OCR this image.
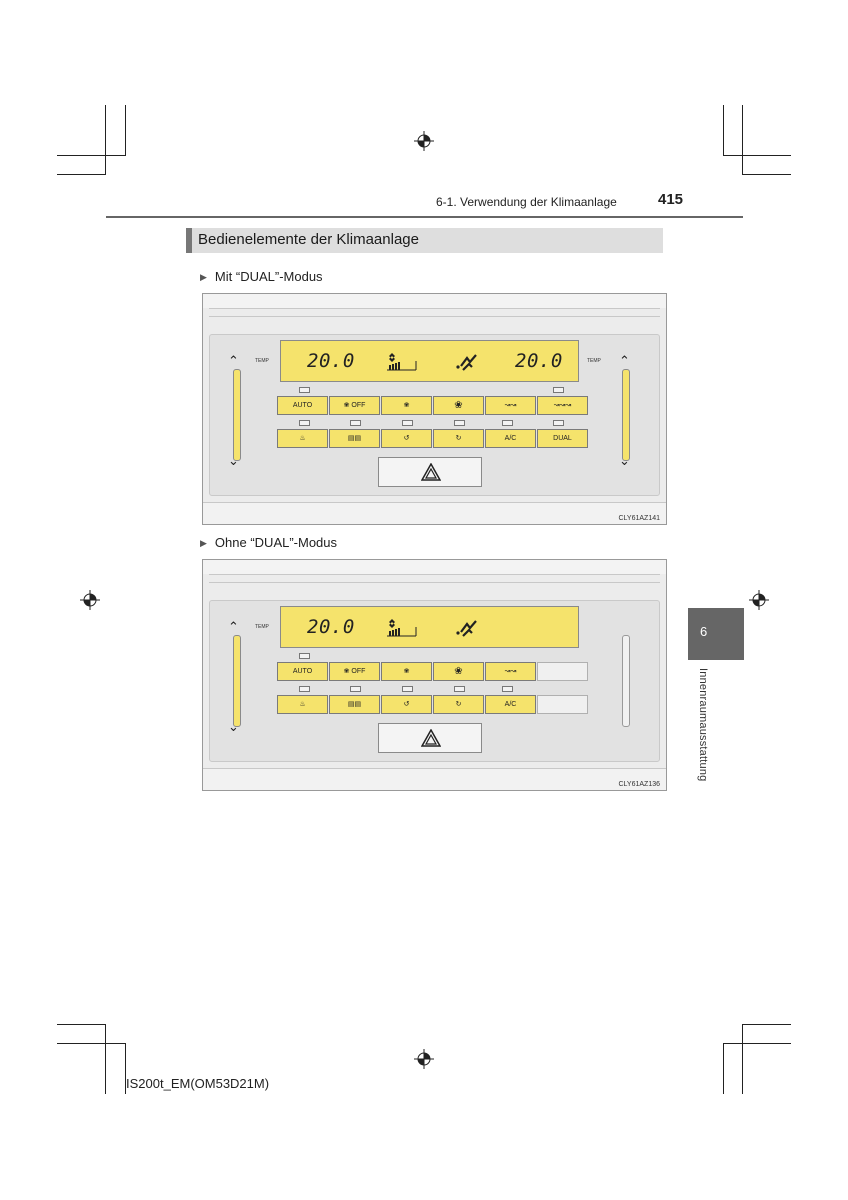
6-1. Verwendung der Klimaanlage	415
Bedienelemente der Klimaanlage
▶ Mit “DUAL”-Modus
⌃
⌄
TEMP	⌃
⌄
TEMP
20.0	20.0
AUTO	❀ OFF	❀	❀	↝↝	↝↝↝
♨	▤▤	↺	↻	A/C	DUAL
CLY61AZ141
▶ Ohne “DUAL”-Modus
⌃
⌄
TEMP 20.0
AUTO	❀ OFF	❀	❀	↝↝
♨	▤▤	↺	↻	A/C
CLY61AZ136
6
Innenraumausstattung
IS200t_EM(OM53D21M)
